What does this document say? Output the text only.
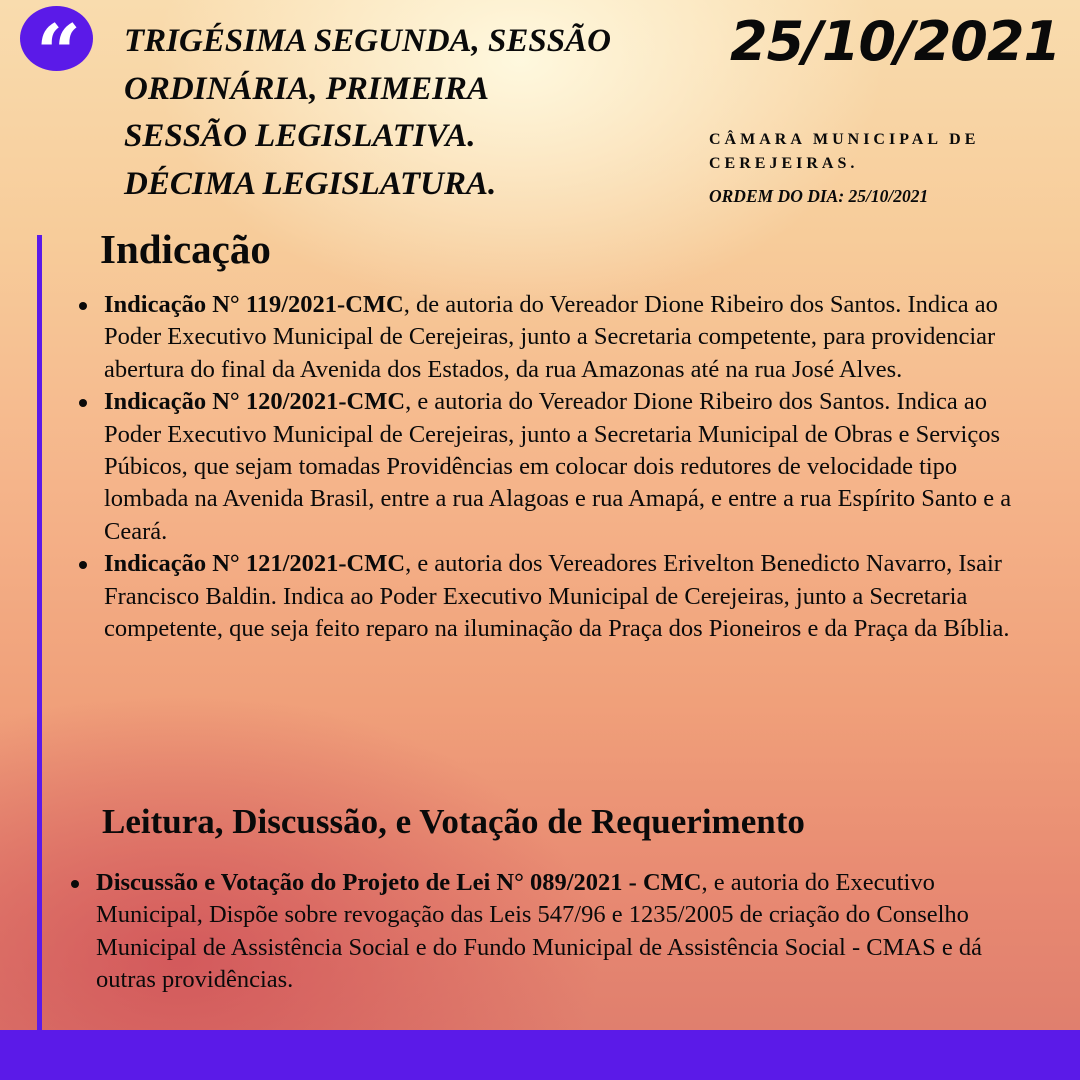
“ TRIGÉSIMA SEGUNDA, SESSÃO
ORDINÁRIA, PRIMEIRA
SESSÃO LEGISLATIVA.
DÉCIMA LEGISLATURA.
25/10/2021
CÂMARA MUNICIPAL DE
CEREJEIRAS.
ORDEM DO DIA: 25/10/2021
Indicação
Indicação N° 119/2021-CMC, de autoria do Vereador Dione Ribeiro dos Santos. Indica ao Poder Executivo Municipal de Cerejeiras, junto a Secretaria competente, para providenciar abertura do final da Avenida dos Estados, da rua Amazonas até na rua José Alves.
Indicação N° 120/2021-CMC, e autoria do Vereador Dione Ribeiro dos Santos. Indica ao Poder Executivo Municipal de Cerejeiras, junto a Secretaria Municipal de Obras e Serviços Púbicos, que sejam tomadas Providências em colocar dois redutores de velocidade tipo lombada na Avenida Brasil, entre a rua Alagoas e rua Amapá, e entre a rua Espírito Santo e a Ceará.
Indicação N° 121/2021-CMC, e autoria dos Vereadores Erivelton Benedicto Navarro, Isair Francisco Baldin. Indica ao Poder Executivo Municipal de Cerejeiras, junto a Secretaria competente, que seja feito reparo na iluminação da Praça dos Pioneiros e da Praça da Bíblia.
Leitura, Discussão, e Votação de Requerimento
Discussão e Votação do Projeto de Lei N° 089/2021 - CMC, e autoria do Executivo Municipal, Dispõe sobre revogação das Leis 547/96 e 1235/2005 de criação do Conselho Municipal de Assistência Social e do Fundo Municipal de Assistência Social - CMAS e dá outras providências.
